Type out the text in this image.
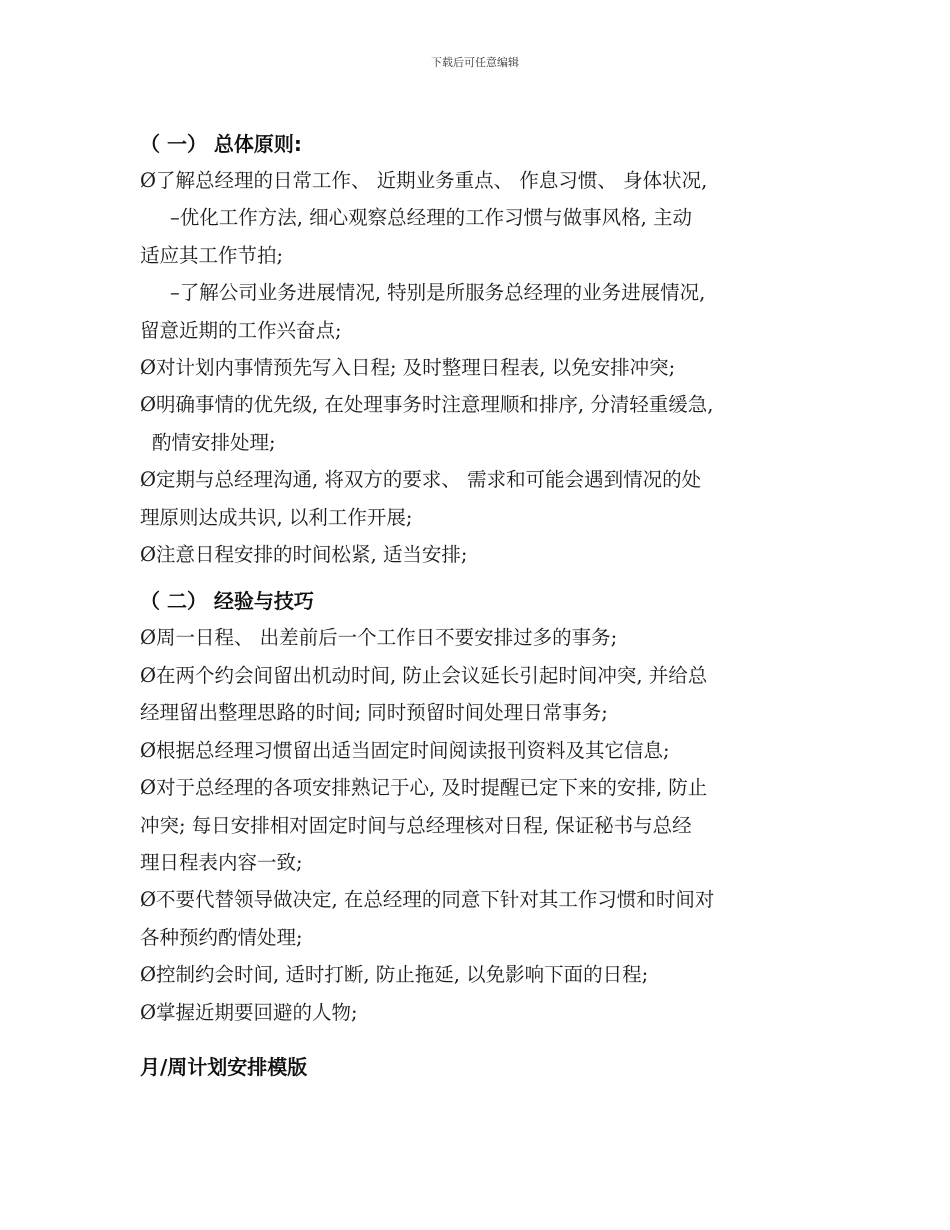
下载后可任意编辑

（ 一） 总体原则:

Ø了解总经理的日常工作、 近期业务重点、 作息习惯、 身体状况,

–优化工作方法, 细心观察总经理的工作习惯与做事风格, 主动

适应其工作节拍;

–了解公司业务进展情况, 特别是所服务总经理的业务进展情况,

留意近期的工作兴奋点;

Ø对计划内事情预先写入日程; 及时整理日程表, 以免安排冲突;

Ø明确事情的优先级, 在处理事务时注意理顺和排序, 分清轻重缓急,

酌情安排处理;

Ø定期与总经理沟通, 将双方的要求、 需求和可能会遇到情况的处

理原则达成共识, 以利工作开展;

Ø注意日程安排的时间松紧, 适当安排;

（ 二） 经验与技巧

Ø周一日程、 出差前后一个工作日不要安排过多的事务;

Ø在两个约会间留出机动时间, 防止会议延长引起时间冲突, 并给总

经理留出整理思路的时间; 同时预留时间处理日常事务;

Ø根据总经理习惯留出适当固定时间阅读报刊资料及其它信息;

Ø对于总经理的各项安排熟记于心, 及时提醒已定下来的安排, 防止

冲突; 每日安排相对固定时间与总经理核对日程, 保证秘书与总经

理日程表内容一致;

Ø不要代替领导做决定, 在总经理的同意下针对其工作习惯和时间对

各种预约酌情处理;

Ø控制约会时间, 适时打断, 防止拖延, 以免影响下面的日程;

Ø掌握近期要回避的人物;

月/周计划安排模版
